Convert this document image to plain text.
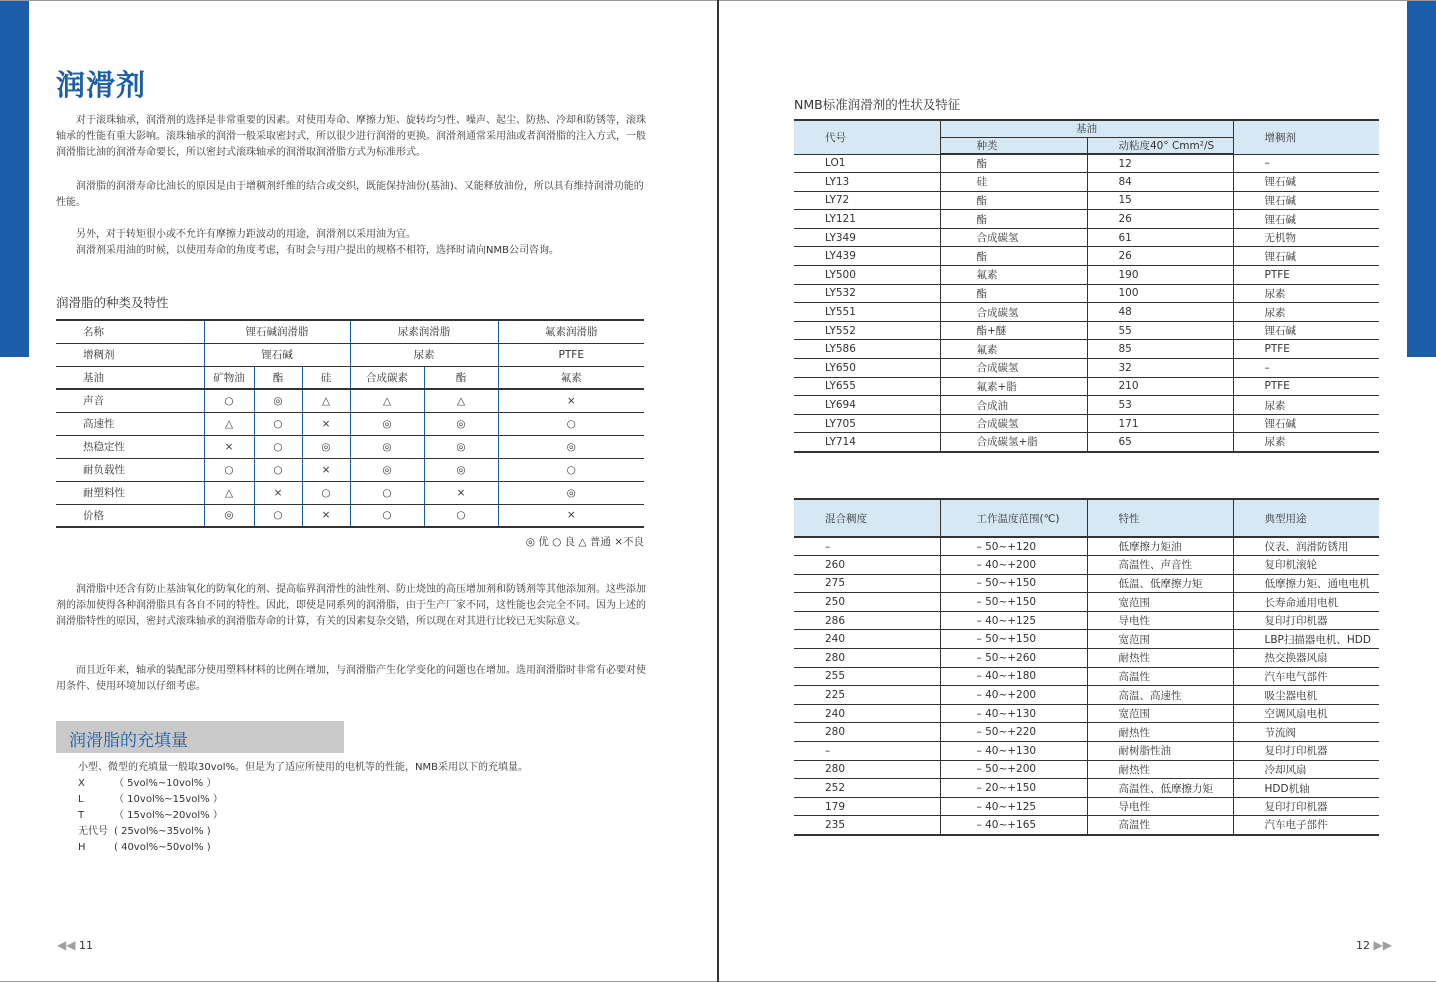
润滑剂

对于滚珠轴承，润滑剂的选择是非常重要的因素。对使用寿命、摩擦力矩、旋转均匀性、噪声、起尘、防热、冷却和防锈等，滚珠轴承的性能有重大影响。滚珠轴承的润滑一般采取密封式，所以很少进行润滑的更换。润滑剂通常采用油或者润滑脂的注入方式，一般润滑脂比油的润滑寿命要长，所以密封式滚珠轴承的润滑取润滑脂方式为标准形式。

润滑脂的润滑寿命比油长的原因是由于增稠剂纤维的结合或交织，既能保持油份(基油)、又能释放油份，所以具有维持润滑功能的性能。

另外，对于转矩很小或不允许有摩擦力距波动的用途，润滑剂以采用油为宜。

润滑剂采用油的时候，以使用寿命的角度考虑，有时会与用户提出的规格不相符，选择时请向NMB公司咨询。

润滑脂的种类及特性
名称	锂石碱润滑脂			尿素润滑脂		氟素润滑脂
增稠剂	锂石碱			尿素		PTFE
基油	矿物油	酯	硅	合成碳素	酯	氟素
声音	○	◎	△	△	△	×
高速性	△	○	×	◎	◎	○
热稳定性	×	○	◎	◎	◎	◎
耐负载性	○	○	×	◎	◎	○
耐塑料性	△	×	○	○	×	◎
价格	◎	○	×	○	○	×
◎ 优 ○ 良 △ 普通 ×不良

润滑脂中还含有防止基油氧化的防氧化的剂、提高临界润滑性的油性剂、防止烧蚀的高压增加剂和防锈剂等其他添加剂。这些添加剂的添加使得各种润滑脂具有各自不同的特性。因此，即使是同系列的润滑脂，由于生产厂家不同，这性能也会完全不同。因为上述的润滑脂特性的原因，密封式滚珠轴承的润滑脂寿命的计算，有关的因素复杂交错，所以现在对其进行比较已无实际意义。

而且近年来，轴承的装配部分使用塑料材料的比例在增加，与润滑脂产生化学变化的问题也在增加。选用润滑脂时非常有必要对使用条件、使用环境加以仔细考虑。

润滑脂的充填量
小型、微型的充填量一般取30vol%。但是为了适应所使用的电机等的性能，NMB采用以下的充填量。
X	（ 5vol%~10vol% ）
L	（ 10vol%~15vol% ）
T	（ 15vol%~20vol% ）
无代号 ( 25vol%~35vol% )
H	( 40vol%~50vol% )
◀◀ 11
NMB标准润滑剂的性状及特征
12 ▶▶
代号	基油		增稠剂
	种类	动粘度40° Cmm²/S	
LO1	酯	12	–
LY13	硅	84	锂石碱
LY72	酯	15	锂石碱
LY121	酯	26	锂石碱
LY349	合成碳氢	61	无机物
LY439	酯	26	锂石碱
LY500	氟素	190	PTFE
LY532	酯	100	尿素
LY551	合成碳氢	48	尿素
LY552	酯+醚	55	锂石碱
LY586	氟素	85	PTFE
LY650	合成碳氢	32	–
LY655	氟素+脂	210	PTFE
LY694	合成油	53	尿素
LY705	合成碳氢	171	锂石碱
LY714	合成碳氢+脂	65	尿素
混合稠度	工作温度范围(℃)	特性	典型用途
–	– 50~+120	低摩擦力矩油	仪表、润滑防锈用
260	– 40~+200	高温性、声音性	复印机滚轮
275	– 50~+150	低温、低摩擦力矩	低摩擦力矩、通电电机
250	– 50~+150	宽范围	长寿命通用电机
286	– 40~+125	导电性	复印打印机器
240	– 50~+150	宽范围	LBP扫描器电机、HDD
280	– 50~+260	耐热性	热交换器风扇
255	– 40~+180	高温性	汽车电气部件
225	– 40~+200	高温、高速性	吸尘器电机
240	– 40~+130	宽范围	空调风扇电机
280	– 50~+220	耐热性	节流阀
–	– 40~+130	耐树脂性油	复印打印机器
280	– 50~+200	耐热性	冷却风扇
252	– 20~+150	高温性、低摩擦力矩	HDD机轴
179	– 40~+125	导电性	复印打印机器
235	– 40~+165	高温性	汽车电子部件
